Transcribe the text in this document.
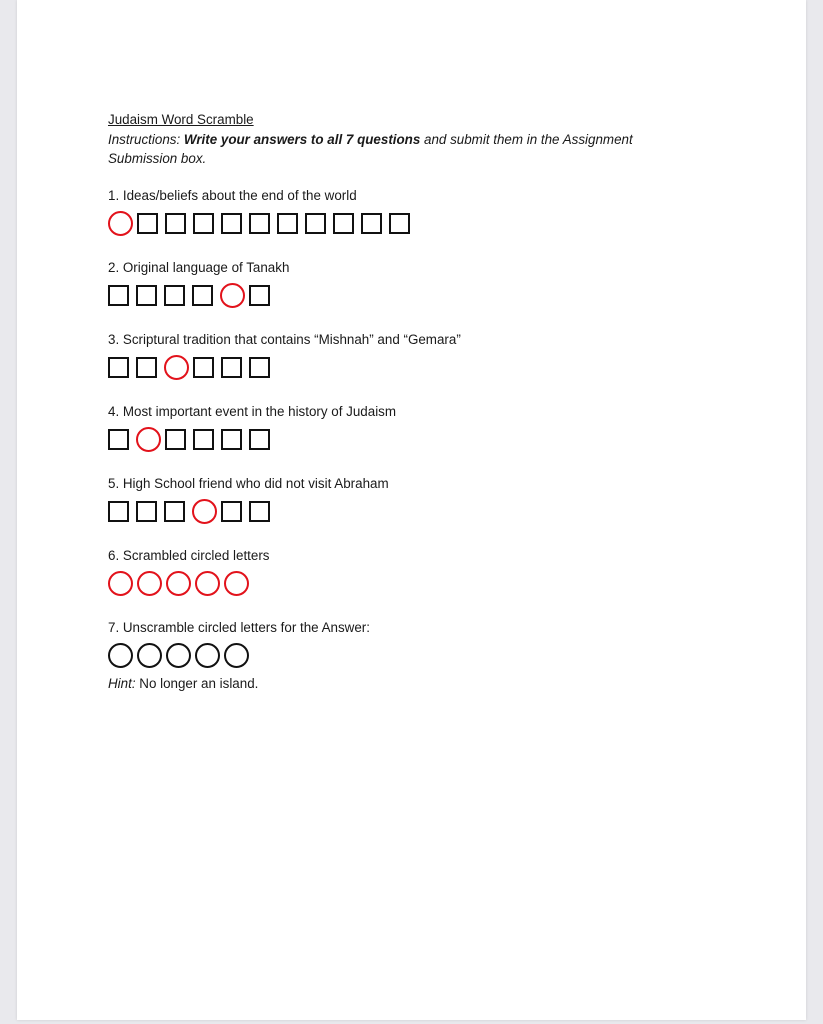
Judaism Word Scramble

Instructions: Write your answers to all 7 questions and submit them in the Assignment Submission box.

1. Ideas/beliefs about the end of the world

2. Original language of Tanakh

3. Scriptural tradition that contains “Mishnah” and “Gemara”

4. Most important event in the history of Judaism

5. High School friend who did not visit Abraham

6. Scrambled circled letters

7. Unscramble circled letters for the Answer:

Hint: No longer an island.
